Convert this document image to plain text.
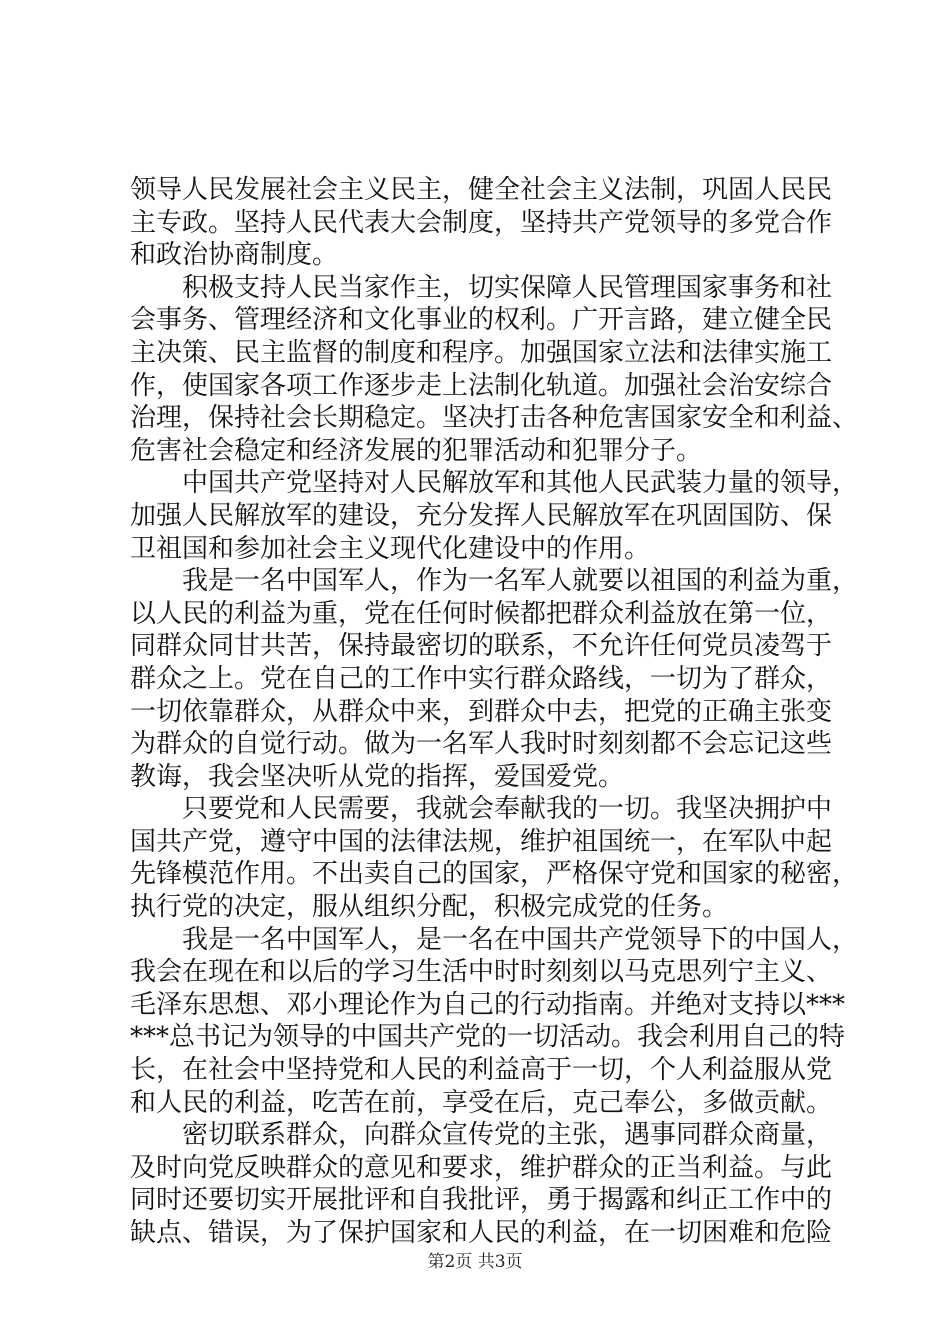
领导人民发展社会主义民主，健全社会主义法制，巩固人民民
主专政。坚持人民代表大会制度，坚持共产党领导的多党合作
和政治协商制度。
积极支持人民当家作主，切实保障人民管理国家事务和社
会事务、管理经济和文化事业的权利。广开言路，建立健全民
主决策、民主监督的制度和程序。加强国家立法和法律实施工
作，使国家各项工作逐步走上法制化轨道。加强社会治安综合
治理，保持社会长期稳定。坚决打击各种危害国家安全和利益、
危害社会稳定和经济发展的犯罪活动和犯罪分子。
中国共产党坚持对人民解放军和其他人民武装力量的领导，
加强人民解放军的建设，充分发挥人民解放军在巩固国防、保
卫祖国和参加社会主义现代化建设中的作用。
我是一名中国军人，作为一名军人就要以祖国的利益为重，
以人民的利益为重，党在任何时候都把群众利益放在第一位，
同群众同甘共苦，保持最密切的联系，不允许任何党员凌驾于
群众之上。党在自己的工作中实行群众路线，一切为了群众，
一切依靠群众，从群众中来，到群众中去，把党的正确主张变
为群众的自觉行动。做为一名军人我时时刻刻都不会忘记这些
教诲，我会坚决听从党的指挥，爱国爱党。
只要党和人民需要，我就会奉献我的一切。我坚决拥护中
国共产党，遵守中国的法律法规，维护祖国统一，在军队中起
先锋模范作用。不出卖自己的国家，严格保守党和国家的秘密，
执行党的决定，服从组织分配，积极完成党的任务。
我是一名中国军人，是一名在中国共产党领导下的中国人，
我会在现在和以后的学习生活中时时刻刻以马克思列宁主义、
毛泽东思想、邓小理论作为自己的行动指南。并绝对支持以***
***总书记为领导的中国共产党的一切活动。我会利用自己的特
长，在社会中坚持党和人民的利益高于一切，个人利益服从党
和人民的利益，吃苦在前，享受在后，克己奉公，多做贡献。
密切联系群众，向群众宣传党的主张，遇事同群众商量，
及时向党反映群众的意见和要求，维护群众的正当利益。与此
同时还要切实开展批评和自我批评，勇于揭露和纠正工作中的
缺点、错误，为了保护国家和人民的利益，在一切困难和危险
第2页 共3页
